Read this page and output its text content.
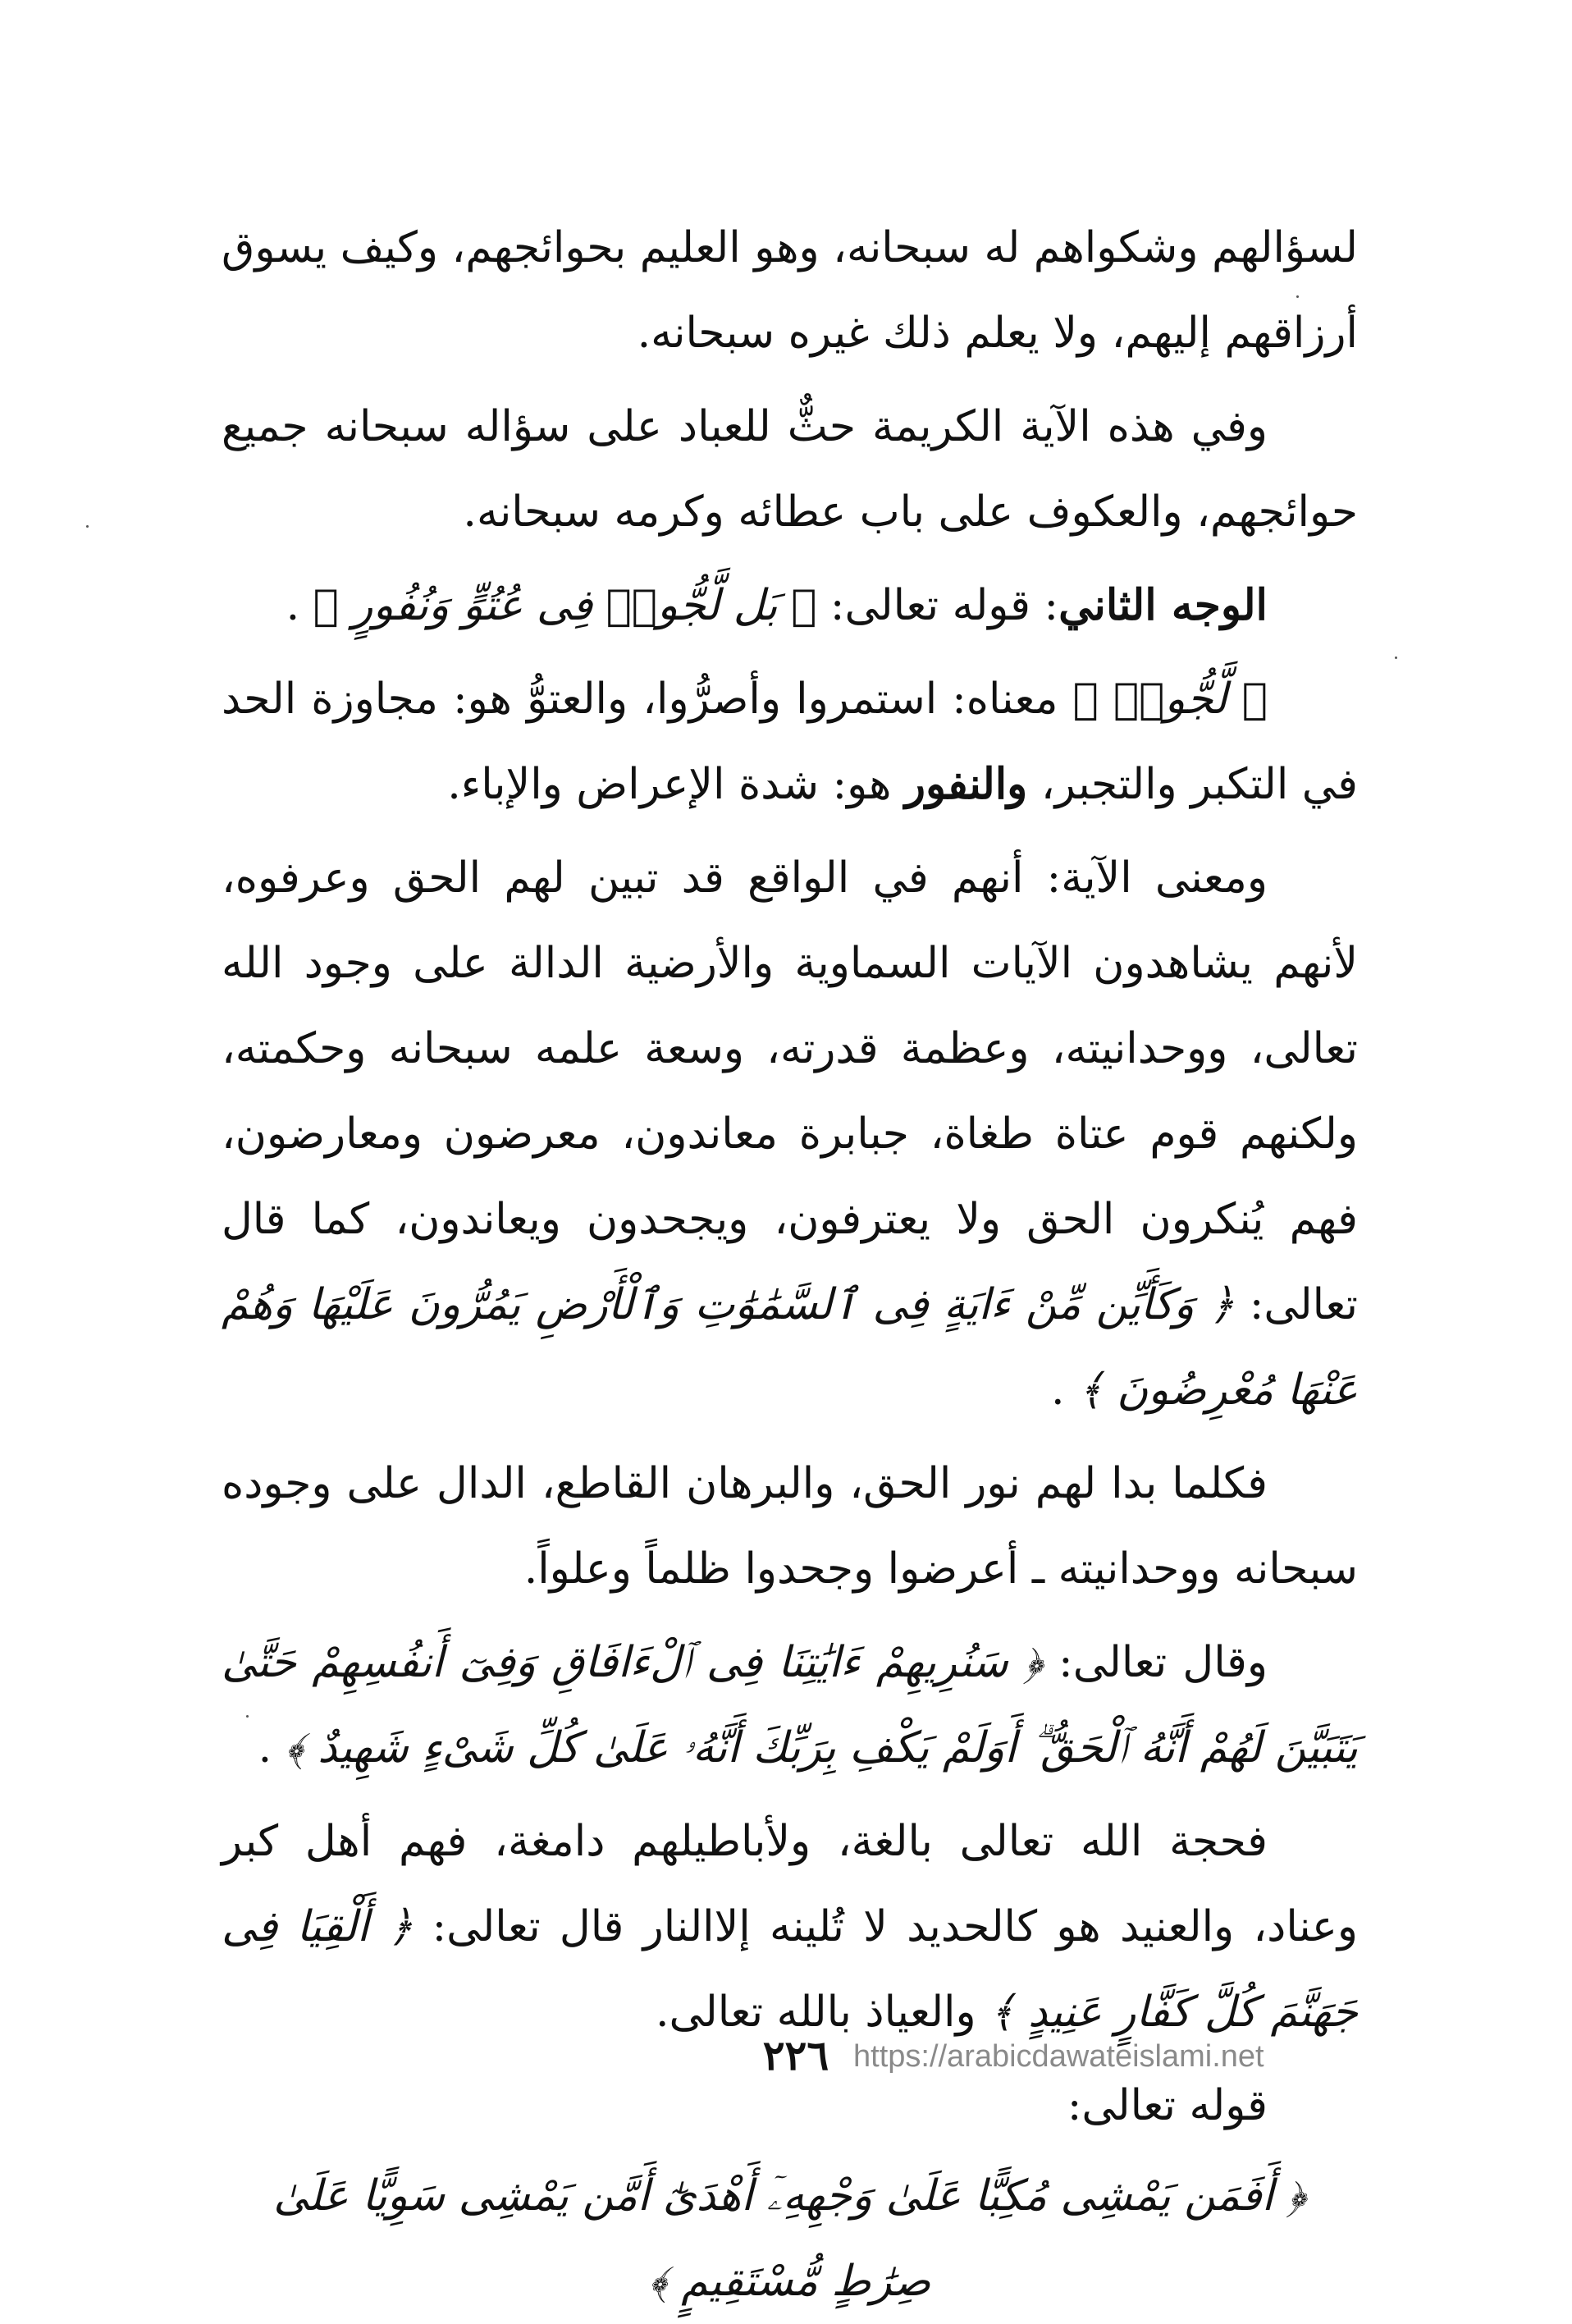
لسؤالهم وشكواهم له سبحانه، وهو العليم بحوائجهم، وكيف يسوق أرزاقهم إليهم، ولا يعلم ذلك غيره سبحانه.

وفي هذه الآية الكريمة حثٌّ للعباد على سؤاله سبحانه جميع حوائجهم، والعكوف على باب عطائه وكرمه سبحانه.

الوجه الثاني: قوله تعالى: ﴿ بَل لَّجُّوا۟ فِى عُتُوٍّ وَنُفُورٍ ﴾ .

﴿ لَّجُّوا۟ ﴾ معناه: استمروا وأصرُّوا، والعتوُّ هو: مجاوزة الحد في التكبر والتجبر، والنفور هو: شدة الإعراض والإباء.

ومعنى الآية: أنهم في الواقع قد تبين لهم الحق وعرفوه، لأنهم يشاهدون الآيات السماوية والأرضية الدالة على وجود الله تعالى، ووحدانيته، وعظمة قدرته، وسعة علمه سبحانه وحكمته، ولكنهم قوم عتاة طغاة، جبابرة معاندون، معرضون ومعارضون، فهم يُنكرون الحق ولا يعترفون، ويجحدون ويعاندون، كما قال تعالى: ﴿ وَكَأَيِّن مِّنْ ءَايَةٍ فِى ٱلسَّمَٰوَٰتِ وَٱلْأَرْضِ يَمُرُّونَ عَلَيْهَا وَهُمْ عَنْهَا مُعْرِضُونَ ﴾ .

فكلما بدا لهم نور الحق، والبرهان القاطع، الدال على وجوده سبحانه ووحدانيته ـ أعرضوا وجحدوا ظلماً وعلواً.

وقال تعالى: ﴿ سَنُرِيهِمْ ءَايَٰتِنَا فِى ٱلْءَافَاقِ وَفِىٓ أَنفُسِهِمْ حَتَّىٰ يَتَبَيَّنَ لَهُمْ أَنَّهُ ٱلْحَقُّ ۗ أَوَلَمْ يَكْفِ بِرَبِّكَ أَنَّهُۥ عَلَىٰ كُلِّ شَىْءٍ شَهِيدٌ ﴾ .

فحجة الله تعالى بالغة، ولأباطيلهم دامغة، فهم أهل كبر وعناد، والعنيد هو كالحديد لا تُلينه إلاالنار قال تعالى: ﴿ أَلْقِيَا فِى جَهَنَّمَ كُلَّ كَفَّارٍ عَنِيدٍ ﴾ والعياذ بالله تعالى.

قوله تعالى:

﴿ أَفَمَن يَمْشِى مُكِبًّا عَلَىٰ وَجْهِهِۦٓ أَهْدَىٰٓ أَمَّن يَمْشِى سَوِيًّا عَلَىٰ صِرَٰطٍ مُّسْتَقِيمٍ ﴾

٢٢٦ https://arabicdawateislami.net
